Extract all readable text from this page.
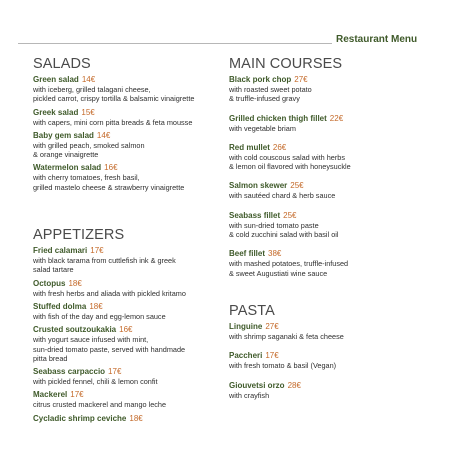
Restaurant Menu
SALADS
Green salad 14€
with iceberg, grilled talagani cheese,
pickled carrot, crispy tortilla & balsamic vinaigrette
Greek salad 15€
with capers, mini corn pitta breads & feta mousse
Baby gem salad 14€
with grilled peach, smoked salmon
& orange vinaigrette
Watermelon salad 16€
with cherry tomatoes, fresh basil,
grilled mastelo cheese & strawberry vinaigrette
APPETIZERS
Fried calamari 17€
with black tarama from cuttlefish ink & greek
salad tartare
Octopus 18€
with fresh herbs and aliada with pickled kritamo
Stuffed dolma 18€
with fish of the day and egg-lemon sauce
Crusted soutzoukakia 16€
with yogurt sauce infused with mint,
sun-dried tomato paste, served with handmade
pitta bread
Seabass carpaccio 17€
with pickled fennel, chili & lemon confit
Mackerel 17€
citrus crusted mackerel and mango leche
Cycladic shrimp ceviche 18€
MAIN COURSES
Black pork chop 27€
with roasted sweet potato
& truffle-infused gravy
Grilled chicken thigh fillet 22€
with vegetable briam
Red mullet 26€
with cold couscous salad with herbs
& lemon oil flavored with honeysuckle
Salmon skewer 25€
with sautéed chard & herb sauce
Seabass fillet 25€
with sun-dried tomato paste
& cold zucchini salad with basil oil
Beef fillet 38€
with mashed potatoes, truffle-infused
& sweet Augustiati wine sauce
PASTA
Linguine 27€
with shrimp saganaki & feta cheese
Paccheri 17€
with fresh tomato & basil (Vegan)
Giouvetsi orzo 28€
with crayfish
